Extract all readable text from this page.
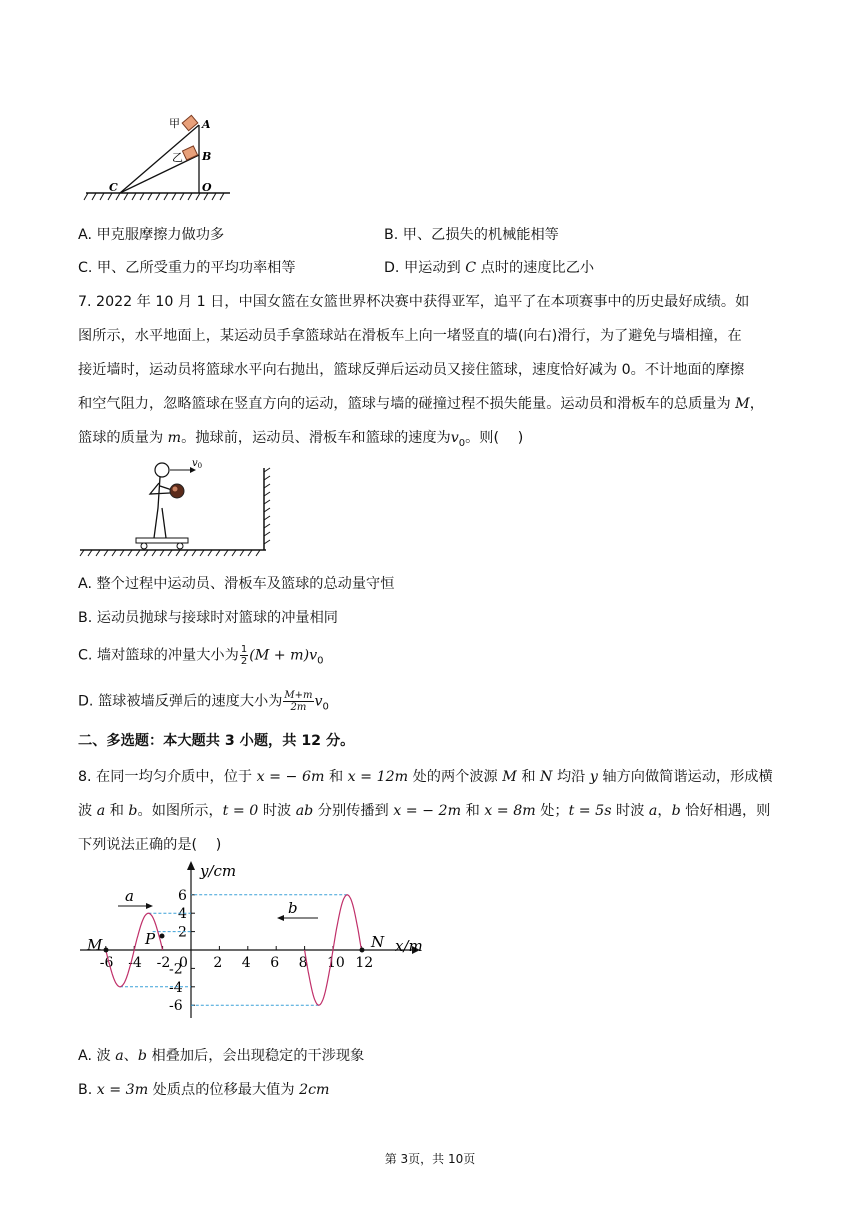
甲
乙
A
B
C	O
A. 甲克服摩擦力做功多	B. 甲、乙损失的机械能相等
C. 甲、乙所受重力的平均功率相等	D. 甲运动到 C 点时的速度比乙小
7. 2022 年 10 月 1 日，中国女篮在女篮世界杯决赛中获得亚军，追平了在本项赛事中的历史最好成绩。如
图所示，水平地面上，某运动员手拿篮球站在滑板车上向一堵竖直的墙(向右)滑行，为了避免与墙相撞，在
接近墙时，运动员将篮球水平向右抛出，篮球反弹后运动员又接住篮球，速度恰好减为 0。不计地面的摩擦
和空气阻力，忽略篮球在竖直方向的运动，篮球与墙的碰撞过程不损失能量。运动员和滑板车的总质量为 M，
篮球的质量为 m。抛球前，运动员、滑板车和篮球的速度为$v_0$。则(　 )
$v_0$
A. 整个过程中运动员、滑板车及篮球的总动量守恒
B. 运动员抛球与接球时对篮球的冲量相同
C. 墙对篮球的冲量大小为 $\frac{1}{2} (M + m)v_0$
D. 篮球被墙反弹后的速度大小为 $\frac{M+m}{2m} v_0$
二、多选题：本大题共 3 小题，共 12 分。
8. 在同一均匀介质中，位于 x = − 6m 和 x = 12m 处的两个波源 M 和 N 均沿 y 轴方向做简谐运动，形成横
波 a 和 b。如图所示，t = 0 时波 ab 分别传播到 x = − 2m 和 x = 8m 处；t = 5s 时波 a，b 恰好相遇，则
下列说法正确的是(　 )
y/cm
x/m
-6 -4 -2 0 2 4 6 8 10 12
6
4
2
-2
-4
-6
a
b
M	N
P
A. 波 a、b 相叠加后，会出现稳定的干涉现象
B. x = 3m 处质点的位移最大值为 2cm
第 3页，共 10页
